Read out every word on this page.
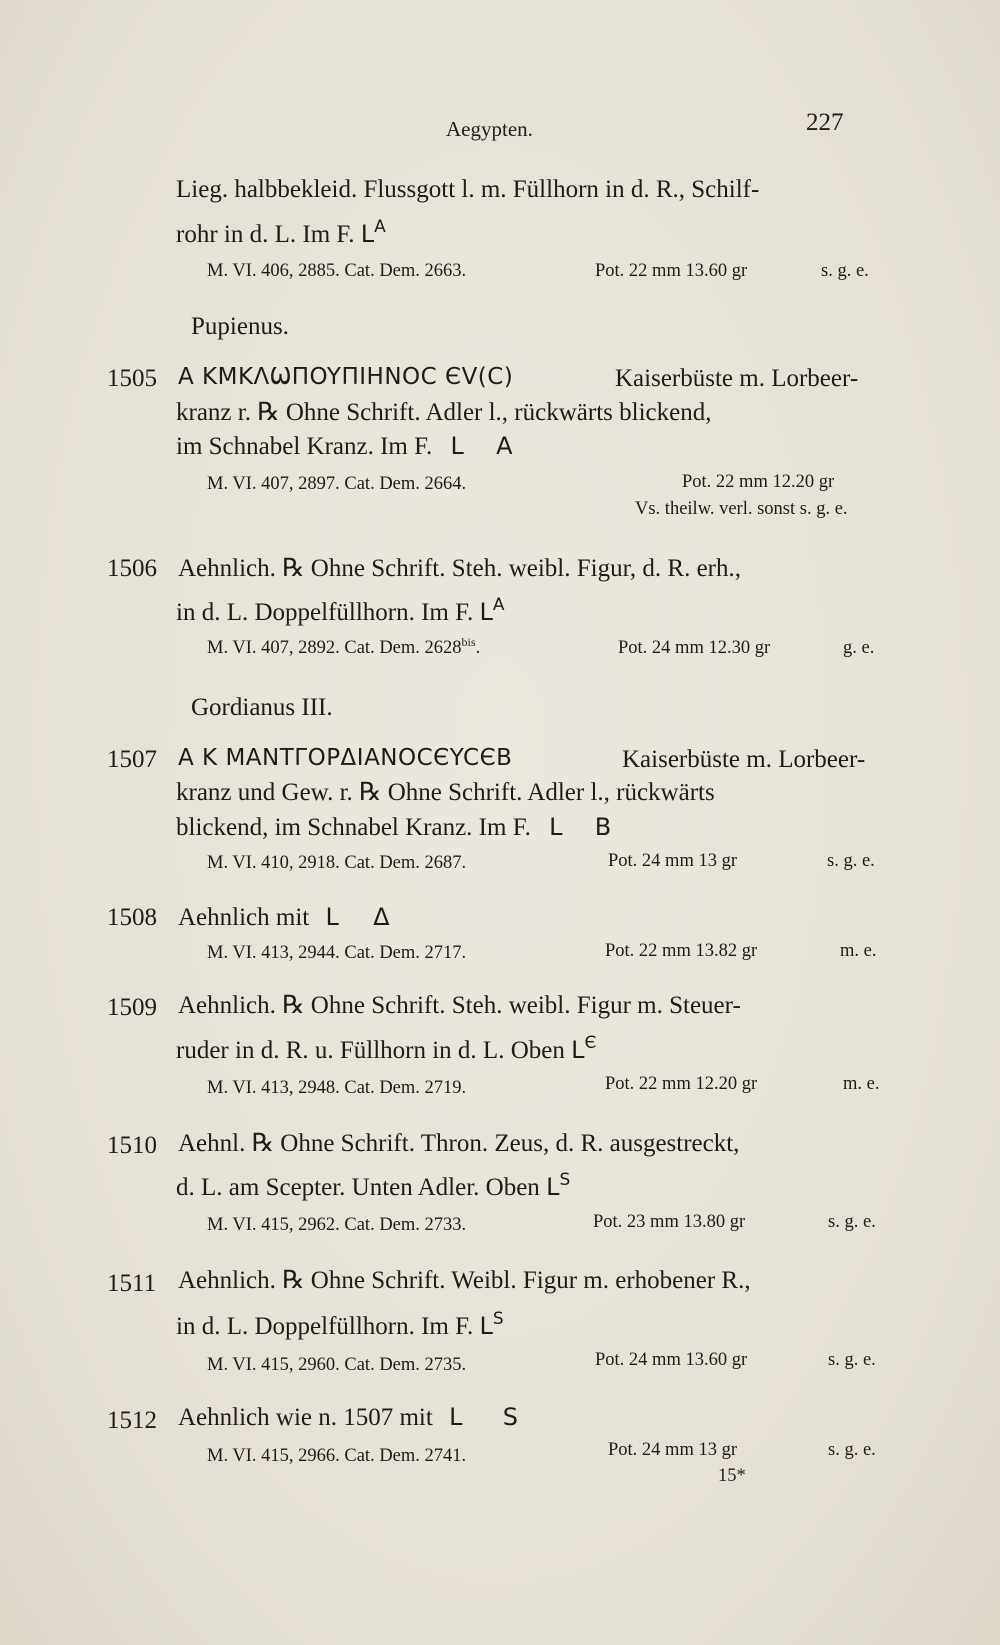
Aegypten.	227
Lieg. halbbekleid. Flussgott l. m. Füllhorn in d. R., Schilf-
rohr in d. L. Im F. $L^A$
M. VI. 406, 2885. Cat. Dem. 2663.	Pot. 22 mm 13.60 gr	s. g. e.
Pupienus.
1505 A KMKΛѠΠOYΠIHNOC ЄV(C)	Kaiserbüste m. Lorbeer-
kranz r. ℞ Ohne Schrift. Adler l., rückwärts blickend,
im Schnabel Kranz. Im F. L A
M. VI. 407, 2897. Cat. Dem. 2664.	Pot. 22 mm 12.20 gr
Vs. theilw. verl. sonst s. g. e.
1506 Aehnlich. ℞ Ohne Schrift. Steh. weibl. Figur, d. R. erh.,
in d. L. Doppelfüllhorn. Im F. $L^A$
M. VI. 407, 2892. Cat. Dem. $2628^{bis}$.	Pot. 24 mm 12.30 gr	g. e.
Gordianus III.
1507 A K MANTΓOPΔIANOCЄYCЄB	Kaiserbüste m. Lorbeer-
kranz und Gew. r. ℞ Ohne Schrift. Adler l., rückwärts
blickend, im Schnabel Kranz. Im F. L B
M. VI. 410, 2918. Cat. Dem. 2687.	Pot. 24 mm 13 gr	s. g. e.
1508 Aehnlich mit L Δ
M. VI. 413, 2944. Cat. Dem. 2717.	Pot. 22 mm 13.82 gr	m. e.
1509 Aehnlich. ℞ Ohne Schrift. Steh. weibl. Figur m. Steuer-
ruder in d. R. u. Füllhorn in d. L. Oben $L^Є$
M. VI. 413, 2948. Cat. Dem. 2719.	Pot. 22 mm 12.20 gr	m. e.
1510 Aehnl. ℞ Ohne Schrift. Thron. Zeus, d. R. ausgestreckt,
d. L. am Scepter. Unten Adler. Oben $L^S$
M. VI. 415, 2962. Cat. Dem. 2733.	Pot. 23 mm 13.80 gr	s. g. e.
1511 Aehnlich. ℞ Ohne Schrift. Weibl. Figur m. erhobener R.,
in d. L. Doppelfüllhorn. Im F. $L^S$
M. VI. 415, 2960. Cat. Dem. 2735.	Pot. 24 mm 13.60 gr	s. g. e.
1512 Aehnlich wie n. 1507 mit L S
M. VI. 415, 2966. Cat. Dem. 2741.	Pot. 24 mm 13 gr	s. g. e.
15*
